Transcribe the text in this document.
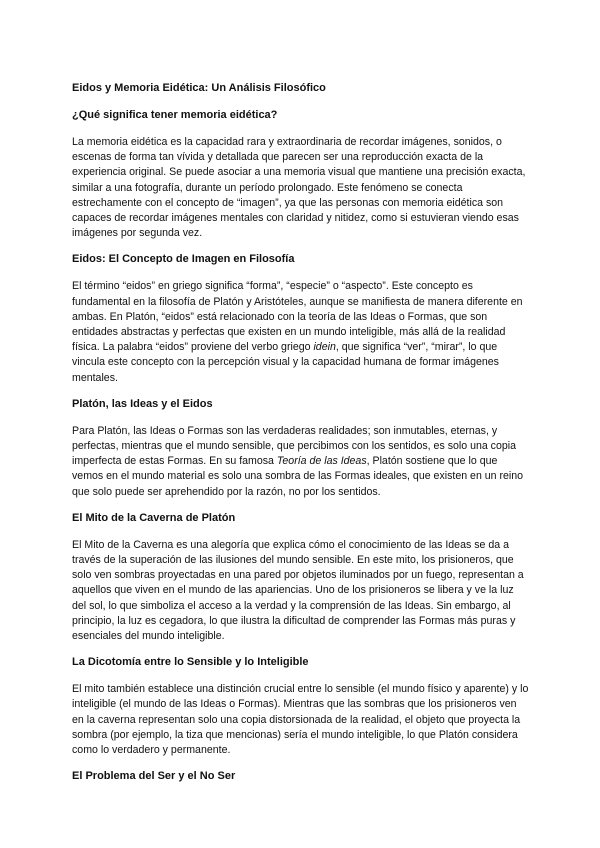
Eidos y Memoria Eidética: Un Análisis Filosófico
¿Qué significa tener memoria eidética?

La memoria eidética es la capacidad rara y extraordinaria de recordar imágenes, sonidos, o escenas de forma tan vívida y detallada que parecen ser una reproducción exacta de la experiencia original. Se puede asociar a una memoria visual que mantiene una precisión exacta, similar a una fotografía, durante un período prolongado. Este fenómeno se conecta estrechamente con el concepto de “imagen”, ya que las personas con memoria eidética son capaces de recordar imágenes mentales con claridad y nitidez, como si estuvieran viendo esas imágenes por segunda vez.

Eidos: El Concepto de Imagen en Filosofía

El término “eidos” en griego significa “forma”, “especie” o “aspecto”. Este concepto es fundamental en la filosofía de Platón y Aristóteles, aunque se manifiesta de manera diferente en ambas. En Platón, “eidos” está relacionado con la teoría de las Ideas o Formas, que son entidades abstractas y perfectas que existen en un mundo inteligible, más allá de la realidad física. La palabra “eidos” proviene del verbo griego idein, que significa “ver”, “mirar”, lo que vincula este concepto con la percepción visual y la capacidad humana de formar imágenes mentales.

Platón, las Ideas y el Eidos

Para Platón, las Ideas o Formas son las verdaderas realidades; son inmutables, eternas, y perfectas, mientras que el mundo sensible, que percibimos con los sentidos, es solo una copia imperfecta de estas Formas. En su famosa Teoría de las Ideas, Platón sostiene que lo que vemos en el mundo material es solo una sombra de las Formas ideales, que existen en un reino que solo puede ser aprehendido por la razón, no por los sentidos.

El Mito de la Caverna de Platón

El Mito de la Caverna es una alegoría que explica cómo el conocimiento de las Ideas se da a través de la superación de las ilusiones del mundo sensible. En este mito, los prisioneros, que solo ven sombras proyectadas en una pared por objetos iluminados por un fuego, representan a aquellos que viven en el mundo de las apariencias. Uno de los prisioneros se libera y ve la luz del sol, lo que simboliza el acceso a la verdad y la comprensión de las Ideas. Sin embargo, al principio, la luz es cegadora, lo que ilustra la dificultad de comprender las Formas más puras y esenciales del mundo inteligible.

La Dicotomía entre lo Sensible y lo Inteligible

El mito también establece una distinción crucial entre lo sensible (el mundo físico y aparente) y lo inteligible (el mundo de las Ideas o Formas). Mientras que las sombras que los prisioneros ven en la caverna representan solo una copia distorsionada de la realidad, el objeto que proyecta la sombra (por ejemplo, la tiza que mencionas) sería el mundo inteligible, lo que Platón considera como lo verdadero y permanente.

El Problema del Ser y el No Ser
